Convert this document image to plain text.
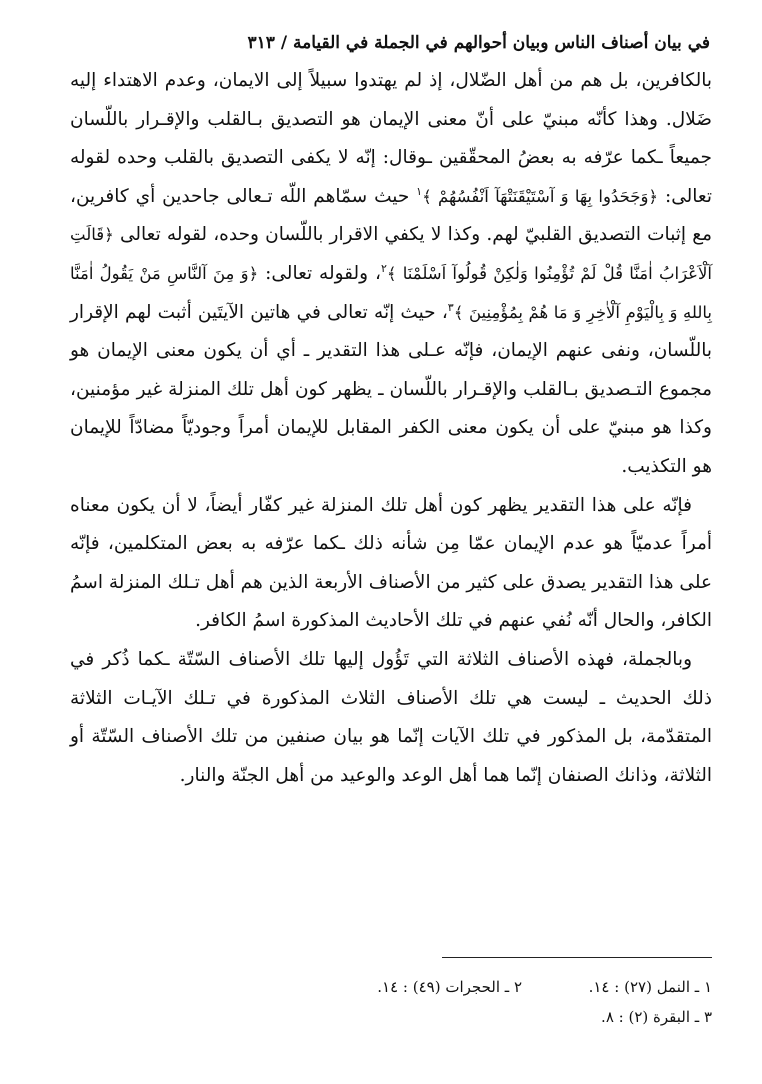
في بيان أصناف الناس وبيان أحوالهم في الجملة في القيامة / ٣١٣

بالكافرين، بل هم من أهل الضّلال، إذ لم يهتدوا سبيلاً إلى الايمان، وعدم الاهتداء إليه ضَلال. وهذا كأنّه مبنيّ على أنّ معنى الإيمان هو التصديق بـالقلب والإقـرار باللّسان جميعاً ـكما عرّفه به بعضُ المحقّقين ـوقال: إنّه لا يكفى التصديق بالقلب وحده لقوله تعالى: ﴿وَجَحَدُوا بِهَا وَ آسْتَيْقَنَتْهَآ اَنْفُسُهُمْ ﴾$^١$ حيث سمّاهم اللّه تـعالى جاحدين أي كافرين، مع إثبات التصديق القلبيّ لهم. وكذا لا يكفي الاقرار باللّسان وحده، لقوله تعالى ﴿قَالَتِ آلْاَعْرَابُ اٰمَنَّا قُلْ لَمْ تُؤْمِنُوا وَلٰكِنْ قُولُوآ اَسْلَمْنَا ﴾$^٢$، ولقوله تعالى: ﴿وَ مِنَ آلنَّاسِ مَنْ يَقُولُ اٰمَنَّا بِاللهِ وَ بِالْيَوْمِ آلْاٰخِرِ وَ مَا هُمْ بِمُؤْمِنِينَ ﴾$^٣$، حيث إنّه تعالى في هاتين الآيتَين أثبت لهم الإقرار باللّسان، ونفى عنهم الإيمان، فإنّه عـلى هذا التقدير ـ أي أن يكون معنى الإيمان هو مجموع التـصديق بـالقلب والإقـرار باللّسان ـ يظهر كون أهل تلك المنزلة غير مؤمنين، وكذا هو مبنيّ على أن يكون معنى الكفر المقابل للإيمان أمراً وجوديّاً مضادّاً للإيمان هو التكذيب.

فإنّه على هذا التقدير يظهر كون أهل تلك المنزلة غير كفّار أيضاً، لا أن يكون معناه أمراً عدميّاً هو عدم الإيمان عمّا مِن شأنه ذلك ـكما عرّفه به بعض المتكلمين، فإنّه على هذا التقدير يصدق على كثير من الأصناف الأربعة الذين هم أهل تـلك المنزلة اسمُ الكافر، والحال أنّه نُفي عنهم في تلك الأحاديث المذكورة اسمُ الكافر.

وبالجملة، فهذه الأصناف الثلاثة التي تَؤُول إليها تلك الأصناف السّتّة ـكما ذُكر في ذلك الحديث ـ ليست هي تلك الأصناف الثلاث المذكورة في تـلك الآيـات الثلاثة المتقدّمة، بل المذكور في تلك الآيات إنّما هو بيان صنفين من تلك الأصناف السّتّة أو الثلاثة، وذانك الصنفان إنّما هما أهل الوعد والوعيد من أهل الجنّة والنار.

١ ـ النمل (٢٧) : ١٤.
٢ ـ الحجرات (٤٩) : ١٤.
٣ ـ البقرة (٢) : ٨.
